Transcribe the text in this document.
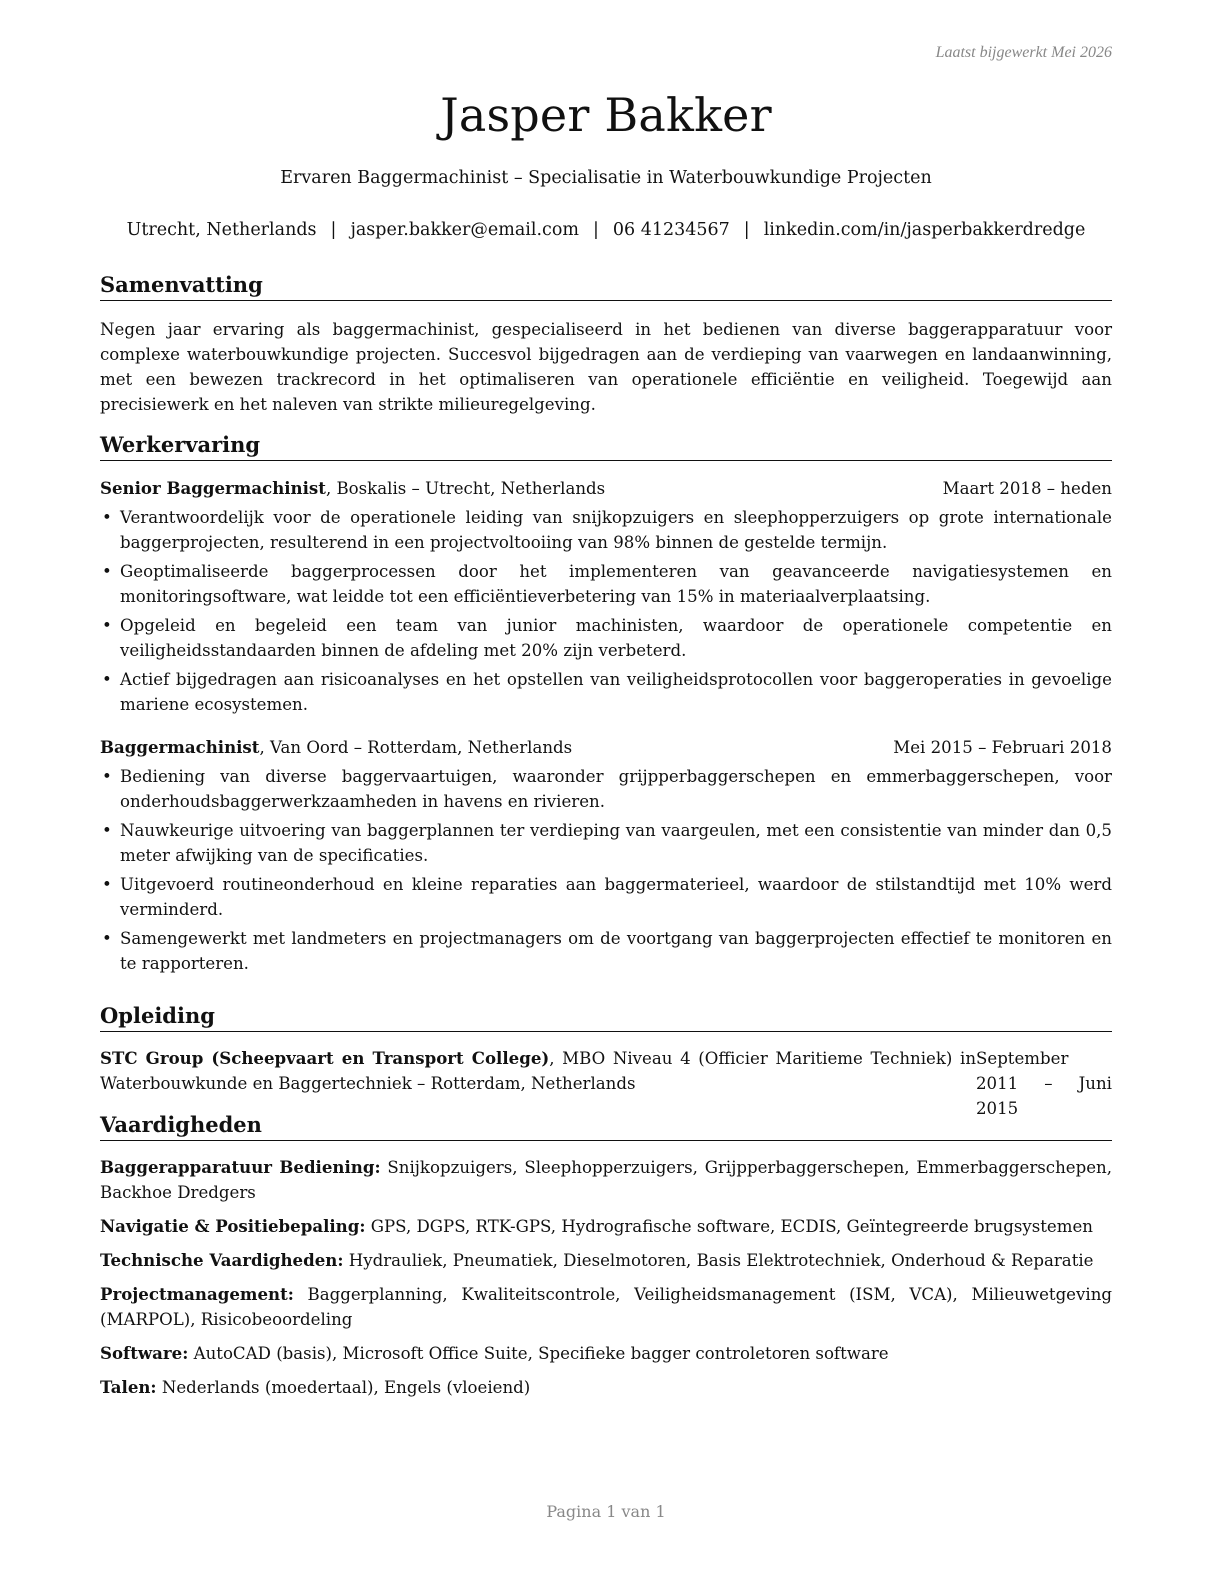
Laatst bijgewerkt Mei 2026
Jasper Bakker
Ervaren Baggermachinist – Specialisatie in Waterbouwkundige Projecten
Utrecht, Netherlands | jasper.bakker@email.com | 06 41234567 | linkedin.com/in/jasperbakkerdredge
Samenvatting

Negen jaar ervaring als baggermachinist, gespecialiseerd in het bedienen van diverse baggerapparatuur voor complexe waterbouwkundige projecten. Succesvol bijgedragen aan de verdieping van vaarwegen en landaanwinning, met een bewezen trackrecord in het optimaliseren van operationele efficiëntie en veiligheid. Toegewijd aan precisiewerk en het naleven van strikte milieuregelgeving.

Werkervaring
Senior Baggermachinist, Boskalis – Utrecht, Netherlands	Maart 2018 – heden
• Verantwoordelijk voor de operationele leiding van snijkopzuigers en sleephopperzuigers op grote internationale baggerprojecten, resulterend in een projectvoltooiing van 98% binnen de gestelde termijn.
• Geoptimaliseerde baggerprocessen door het implementeren van geavanceerde navigatiesystemen en monitoringsoftware, wat leidde tot een efficiëntieverbetering van 15% in materiaalverplaatsing.
• Opgeleid en begeleid een team van junior machinisten, waardoor de operationele competentie en veiligheidsstandaarden binnen de afdeling met 20% zijn verbeterd.
• Actief bijgedragen aan risicoanalyses en het opstellen van veiligheidsprotocollen voor baggeroperaties in gevoelige mariene ecosystemen.
Baggermachinist, Van Oord – Rotterdam, Netherlands	Mei 2015 – Februari 2018
• Bediening van diverse baggervaartuigen, waaronder grijpperbaggerschepen en emmerbaggerschepen, voor onderhoudsbaggerwerkzaamheden in havens en rivieren.
• Nauwkeurige uitvoering van baggerplannen ter verdieping van vaargeulen, met een consistentie van minder dan 0,5 meter afwijking van de specificaties.
• Uitgevoerd routineonderhoud en kleine reparaties aan baggermaterieel, waardoor de stilstandtijd met 10% werd verminderd.
• Samengewerkt met landmeters en projectmanagers om de voortgang van baggerprojecten effectief te monitoren en te rapporteren.
Opleiding
STC Group (Scheepvaart en Transport College), MBO Niveau 4 (Officier Maritieme Techniek) in Waterbouwkunde en Baggertechniek – Rotterdam, Netherlands
September 2011 – Juni 2015
Vaardigheden

Baggerapparatuur Bediening: Snijkopzuigers, Sleephopperzuigers, Grijpperbaggerschepen, Emmerbaggerschepen, Backhoe Dredgers

Navigatie & Positiebepaling: GPS, DGPS, RTK-GPS, Hydrografische software, ECDIS, Geïntegreerde brugsystemen

Technische Vaardigheden: Hydrauliek, Pneumatiek, Dieselmotoren, Basis Elektrotechniek, Onderhoud & Reparatie

Projectmanagement: Baggerplanning, Kwaliteitscontrole, Veiligheidsmanagement (ISM, VCA), Milieuwetgeving (MARPOL), Risicobeoordeling

Software: AutoCAD (basis), Microsoft Office Suite, Specifieke bagger controletoren software

Talen: Nederlands (moedertaal), Engels (vloeiend)

Pagina 1 van 1
